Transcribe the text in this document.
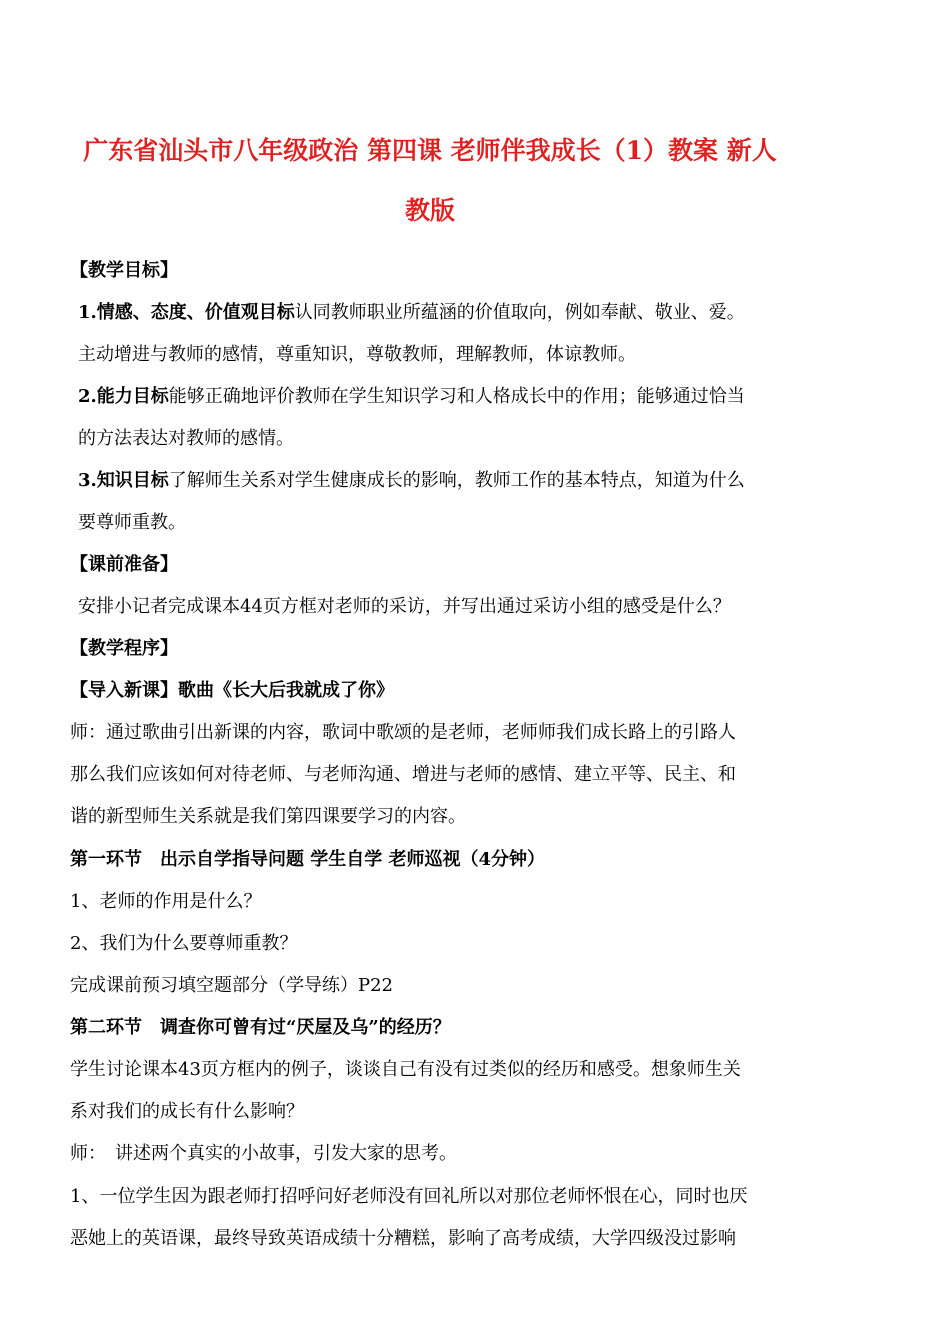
广东省汕头市八年级政治 第四课 老师伴我成长（1）教案 新人
教版
【教学目标】
1.情感、态度、价值观目标认同教师职业所蕴涵的价值取向，例如奉献、敬业、爱。
主动增进与教师的感情，尊重知识，尊敬教师，理解教师，体谅教师。
2.能力目标能够正确地评价教师在学生知识学习和人格成长中的作用；能够通过恰当
的方法表达对教师的感情。
3.知识目标了解师生关系对学生健康成长的影响，教师工作的基本特点，知道为什么
要尊师重教。
【课前准备】
安排小记者完成课本44页方框对老师的采访，并写出通过采访小组的感受是什么？
【教学程序】
【导入新课】歌曲《长大后我就成了你》
师：通过歌曲引出新课的内容，歌词中歌颂的是老师，老师师我们成长路上的引路人
那么我们应该如何对待老师、与老师沟通、增进与老师的感情、建立平等、民主、和
谐的新型师生关系就是我们第四课要学习的内容。
第一环节　出示自学指导问题 学生自学 老师巡视（4分钟）
1、老师的作用是什么？
2、我们为什么要尊师重教？
完成课前预习填空题部分（学导练）P22
第二环节　调查你可曾有过“厌屋及乌”的经历？
学生讨论课本43页方框内的例子，谈谈自己有没有过类似的经历和感受。想象师生关
系对我们的成长有什么影响？
师：　讲述两个真实的小故事，引发大家的思考。
1、一位学生因为跟老师打招呼问好老师没有回礼所以对那位老师怀恨在心，同时也厌
恶她上的英语课，最终导致英语成绩十分糟糕，影响了高考成绩，大学四级没过影响
